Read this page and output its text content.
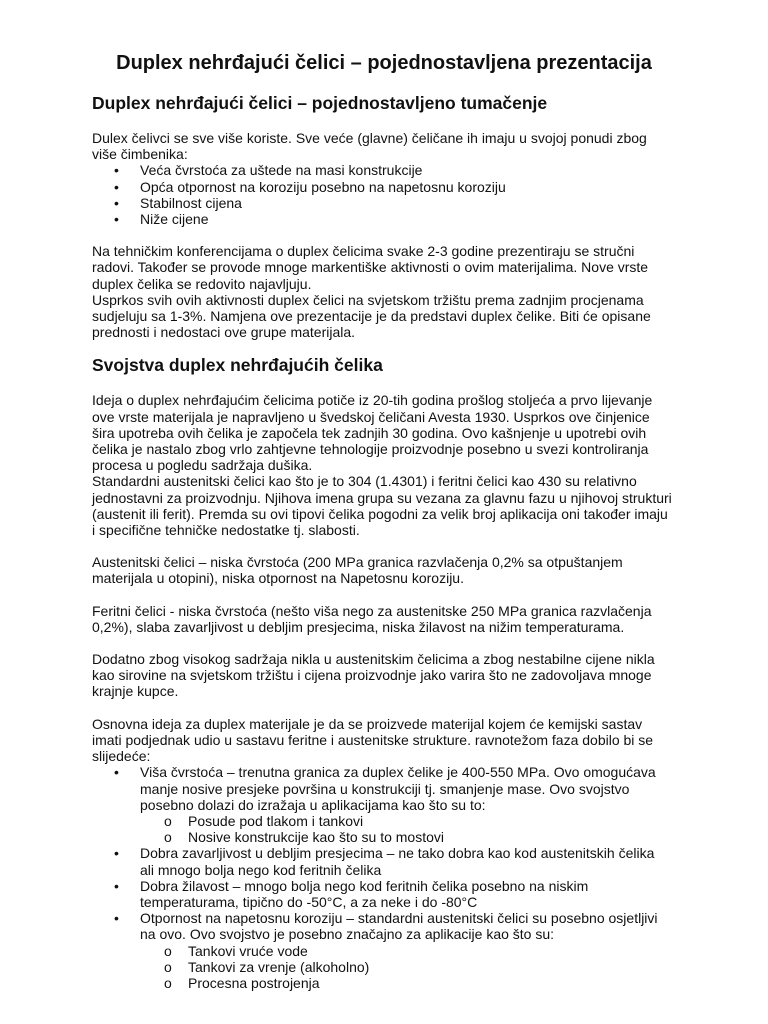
Duplex nehrđajući čelici – pojednostavljena prezentacija
Duplex nehrđajući čelici – pojednostavljeno tumačenje

Dulex čelivci se sve više koriste. Sve veće (glavne) čeličane ih imaju u svojoj ponudi zbog više čimbenika:

• Veća čvrstoća za uštede na masi konstrukcije
• Opća otpornost na koroziju posebno na napetosnu koroziju
• Stabilnost cijena
• Niže cijene

Na tehničkim konferencijama o duplex čelicima svake 2-3 godine prezentiraju se stručni radovi. Također se provode mnoge markentiške aktivnosti o ovim materijalima. Nove vrste duplex čelika se redovito najavljuju.

Usprkos svih ovih aktivnosti duplex čelici na svjetskom tržištu prema zadnjim procjenama sudjeluju sa 1-3%. Namjena ove prezentacije je da predstavi duplex čelike. Biti će opisane prednosti i nedostaci ove grupe materijala.

Svojstva duplex nehrđajućih čelika

Ideja o duplex nehrđajućim čelicima potiče iz 20-tih godina prošlog stoljeća a prvo lijevanje ove vrste materijala je napravljeno u švedskoj čeličani Avesta 1930. Usprkos ove činjenice šira upotreba ovih čelika je započela tek zadnjih 30 godina. Ovo kašnjenje u upotrebi ovih čelika je nastalo zbog vrlo zahtjevne tehnologije proizvodnje posebno u svezi kontroliranja procesa u pogledu sadržaja dušika.

Standardni austenitski čelici kao što je to 304 (1.4301) i feritni čelici kao 430 su relativno jednostavni za proizvodnju. Njihova imena grupa su vezana za glavnu fazu u njihovoj strukturi (austenit ili ferit). Premda su ovi tipovi čelika pogodni za velik broj aplikacija oni također imaju i specifične tehničke nedostatke tj. slabosti.

Austenitski čelici – niska čvrstoća (200 MPa granica razvlačenja 0,2% sa otpuštanjem materijala u otopini), niska otpornost na Napetosnu koroziju.

Feritni čelici - niska čvrstoća (nešto viša nego za austenitske 250 MPa granica razvlačenja 0,2%), slaba zavarljivost u debljim presjecima, niska žilavost na nižim temperaturama.

Dodatno zbog visokog sadržaja nikla u austenitskim čelicima a zbog nestabilne cijene nikla kao sirovine na svjetskom tržištu i cijena proizvodnje jako varira što ne zadovoljava mnoge krajnje kupce.

Osnovna ideja za duplex materijale je da se proizvede materijal kojem će kemijski sastav imati podjednak udio u sastavu feritne i austenitske strukture. ravnotežom faza dobilo bi se slijedeće:

• Viša čvrstoća – trenutna granica za duplex čelike je 400-550 MPa. Ovo omogućava manje nosive presjeke površina u konstrukciji tj. smanjenje mase. Ovo svojstvo posebno dolazi do izražaja u aplikacijama kao što su to:
o Posude pod tlakom i tankovi
o Nosive konstrukcije kao što su to mostovi
• Dobra zavarljivost u debljim presjecima – ne tako dobra kao kod austenitskih čelika ali mnogo bolja nego kod feritnih čelika
• Dobra žilavost – mnogo bolja nego kod feritnih čelika posebno na niskim temperaturama, tipično do -50°C, a za neke i do -80°C
• Otpornost na napetosnu koroziju – standardni austenitski čelici su posebno osjetljivi na ovo. Ovo svojstvo je posebno značajno za aplikacije kao što su:
o Tankovi vruće vode
o Tankovi za vrenje (alkoholno)
o Procesna postrojenja
